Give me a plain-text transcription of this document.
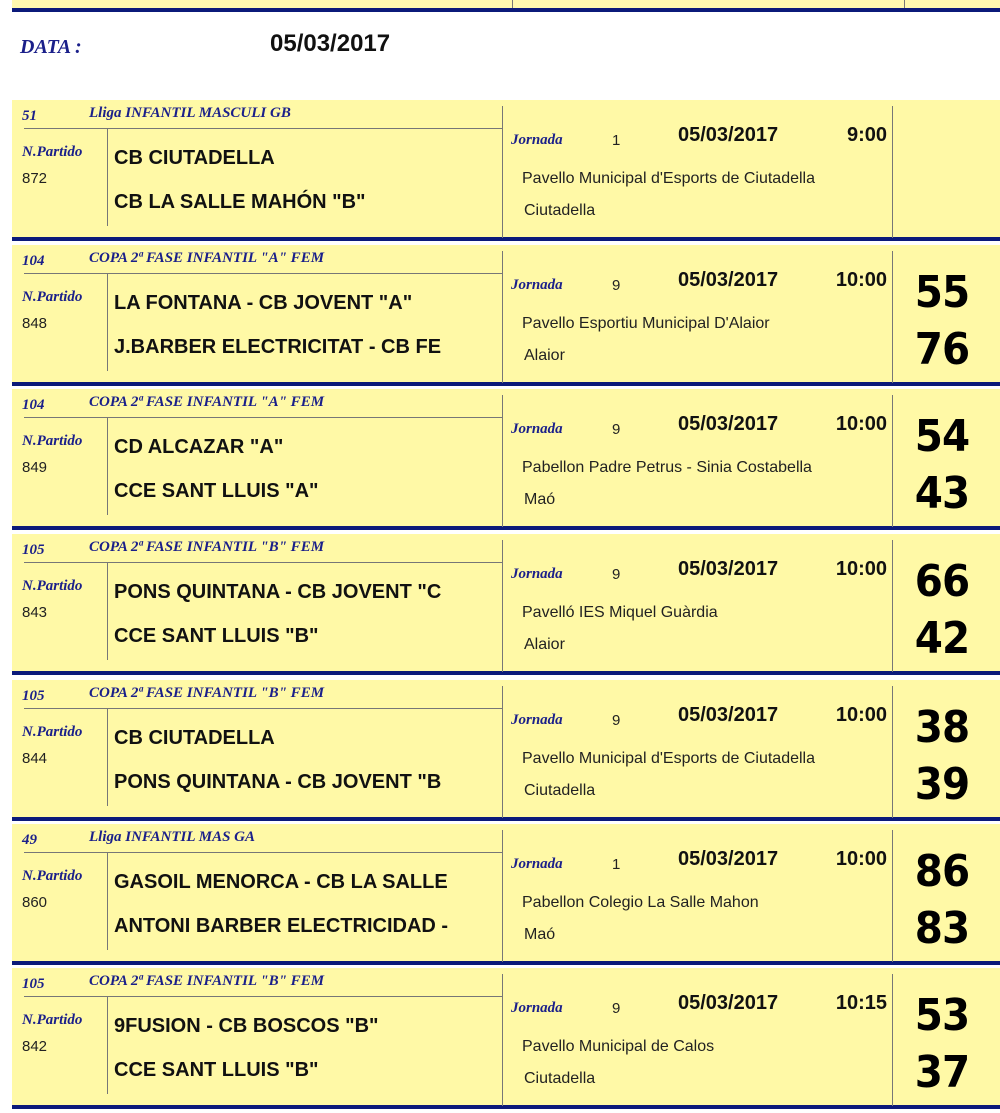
DATA :	05/03/2017
51	Lliga INFANTIL MASCULI GB
N.Partido
872
CB CIUTADELLA
CB LA SALLE MAHÓN "B"
Jornada	1	05/03/2017	9:00
Pavello Municipal d'Esports de Ciutadella
Ciutadella
104	COPA 2ª FASE INFANTIL "A" FEM
N.Partido
848
LA FONTANA - CB JOVENT "A"
J.BARBER ELECTRICITAT - CB FE
Jornada	9	05/03/2017	10:00
Pavello Esportiu Municipal D'Alaior
Alaior
55
76
104	COPA 2ª FASE INFANTIL "A" FEM
N.Partido
849
CD ALCAZAR "A"
CCE SANT LLUIS "A"
Jornada	9	05/03/2017	10:00
Pabellon Padre Petrus - Sinia Costabella
Maó
54
43
105	COPA 2ª FASE INFANTIL "B" FEM
N.Partido
843
PONS QUINTANA - CB JOVENT "C
CCE SANT LLUIS "B"
Jornada	9	05/03/2017	10:00
Pavelló IES Miquel Guàrdia
Alaior
66
42
105	COPA 2ª FASE INFANTIL "B" FEM
N.Partido
844
CB CIUTADELLA
PONS QUINTANA - CB JOVENT "B
Jornada	9	05/03/2017	10:00
Pavello Municipal d'Esports de Ciutadella
Ciutadella
38
39
49	Lliga INFANTIL MAS GA
N.Partido
860
GASOIL MENORCA - CB LA SALLE
ANTONI BARBER ELECTRICIDAD -
Jornada	1	05/03/2017	10:00
Pabellon Colegio La Salle Mahon
Maó
86
83
105	COPA 2ª FASE INFANTIL "B" FEM
N.Partido
842
9FUSION - CB BOSCOS "B"
CCE SANT LLUIS "B"
Jornada	9	05/03/2017	10:15
Pavello Municipal de Calos
Ciutadella
53
37
